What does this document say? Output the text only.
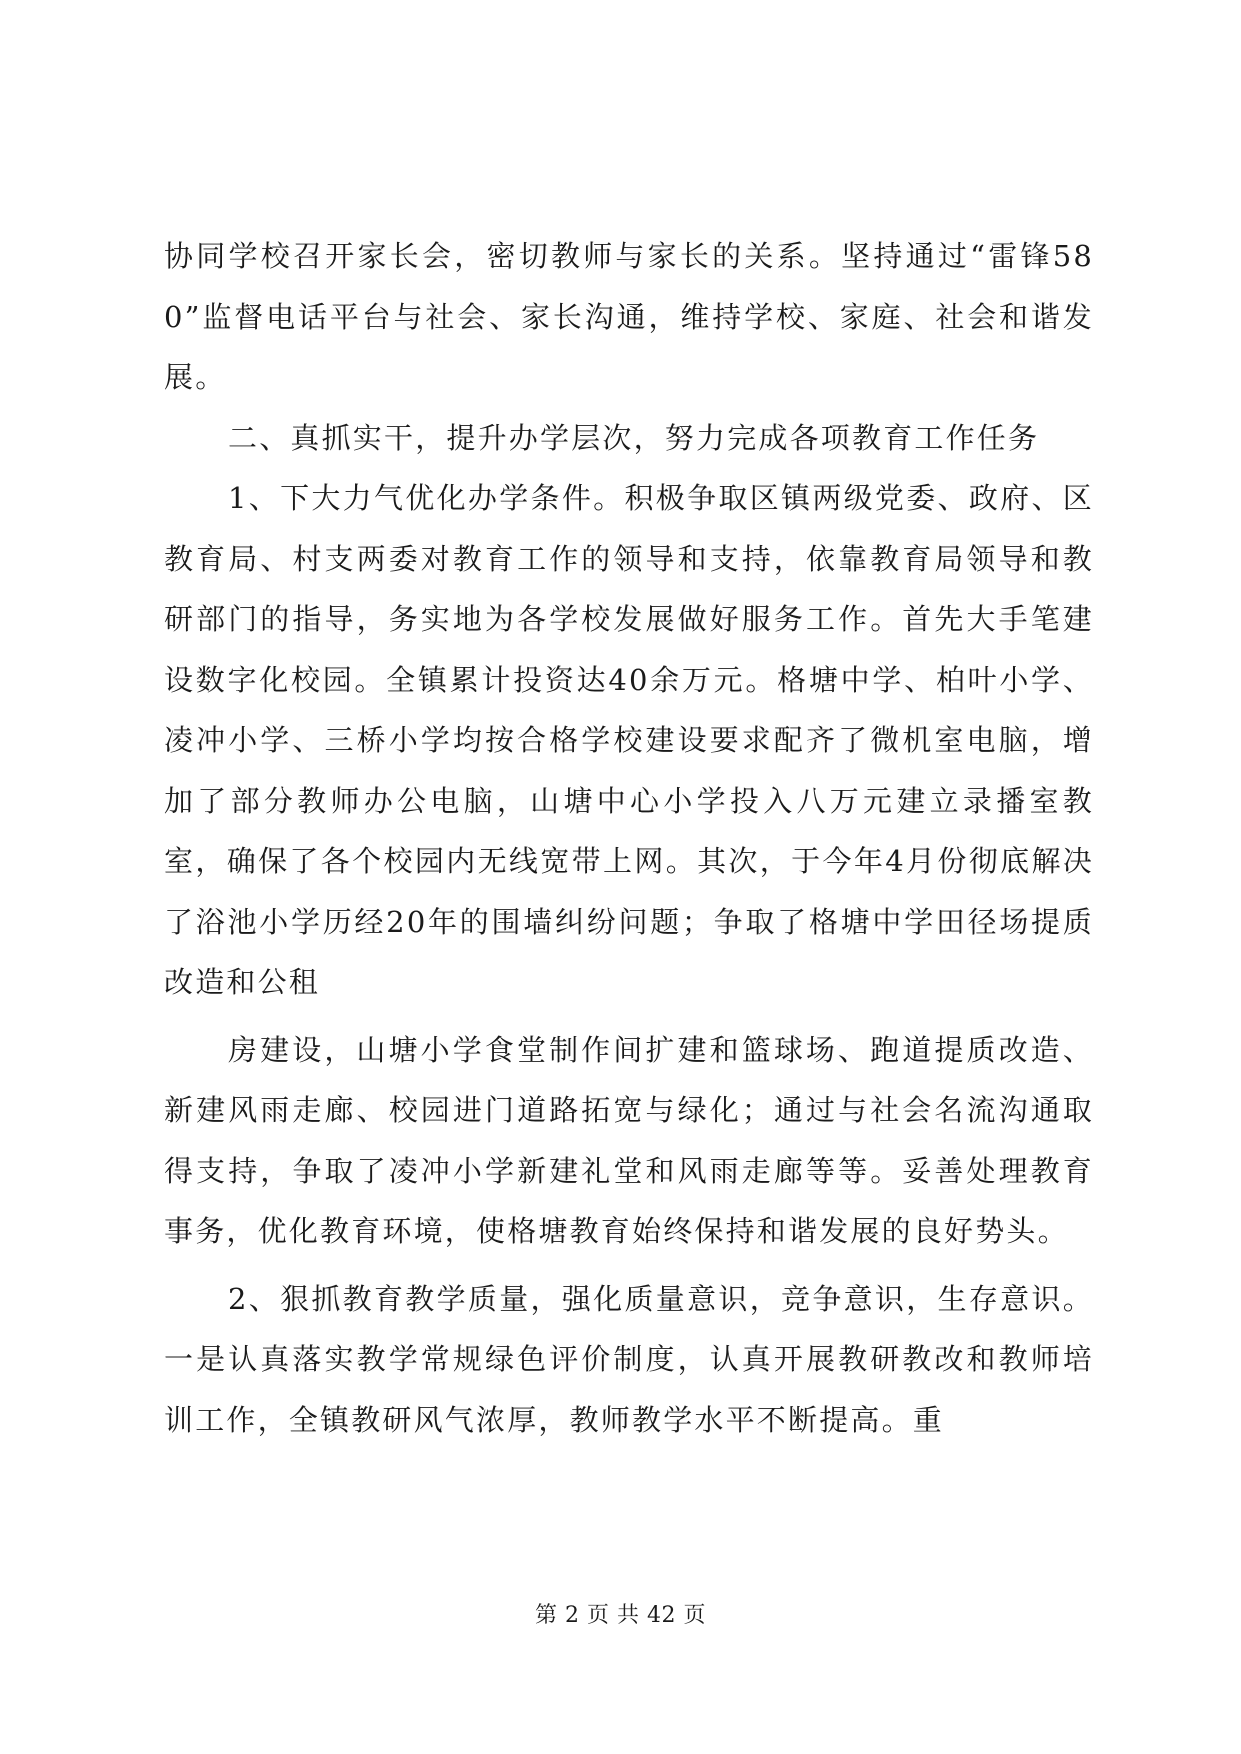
协同学校召开家长会，密切教师与家长的关系。坚持通过“雷锋580”监督电话平台与社会、家长沟通，维持学校、家庭、社会和谐发展。

二、真抓实干，提升办学层次，努力完成各项教育工作任务

1、下大力气优化办学条件。积极争取区镇两级党委、政府、区教育局、村支两委对教育工作的领导和支持，依靠教育局领导和教研部门的指导，务实地为各学校发展做好服务工作。首先大手笔建设数字化校园。全镇累计投资达40余万元。格塘中学、柏叶小学、凌冲小学、三桥小学均按合格学校建设要求配齐了微机室电脑，增加了部分教师办公电脑，山塘中心小学投入八万元建立录播室教室，确保了各个校园内无线宽带上网。其次，于今年4月份彻底解决了浴池小学历经20年的围墙纠纷问题；争取了格塘中学田径场提质改造和公租

房建设，山塘小学食堂制作间扩建和篮球场、跑道提质改造、新建风雨走廊、校园进门道路拓宽与绿化；通过与社会名流沟通取得支持，争取了凌冲小学新建礼堂和风雨走廊等等。妥善处理教育事务，优化教育环境，使格塘教育始终保持和谐发展的良好势头。

2、狠抓教育教学质量，强化质量意识，竞争意识，生存意识。一是认真落实教学常规绿色评价制度，认真开展教研教改和教师培训工作，全镇教研风气浓厚，教师教学水平不断提高。重

第 2 页 共 42 页
